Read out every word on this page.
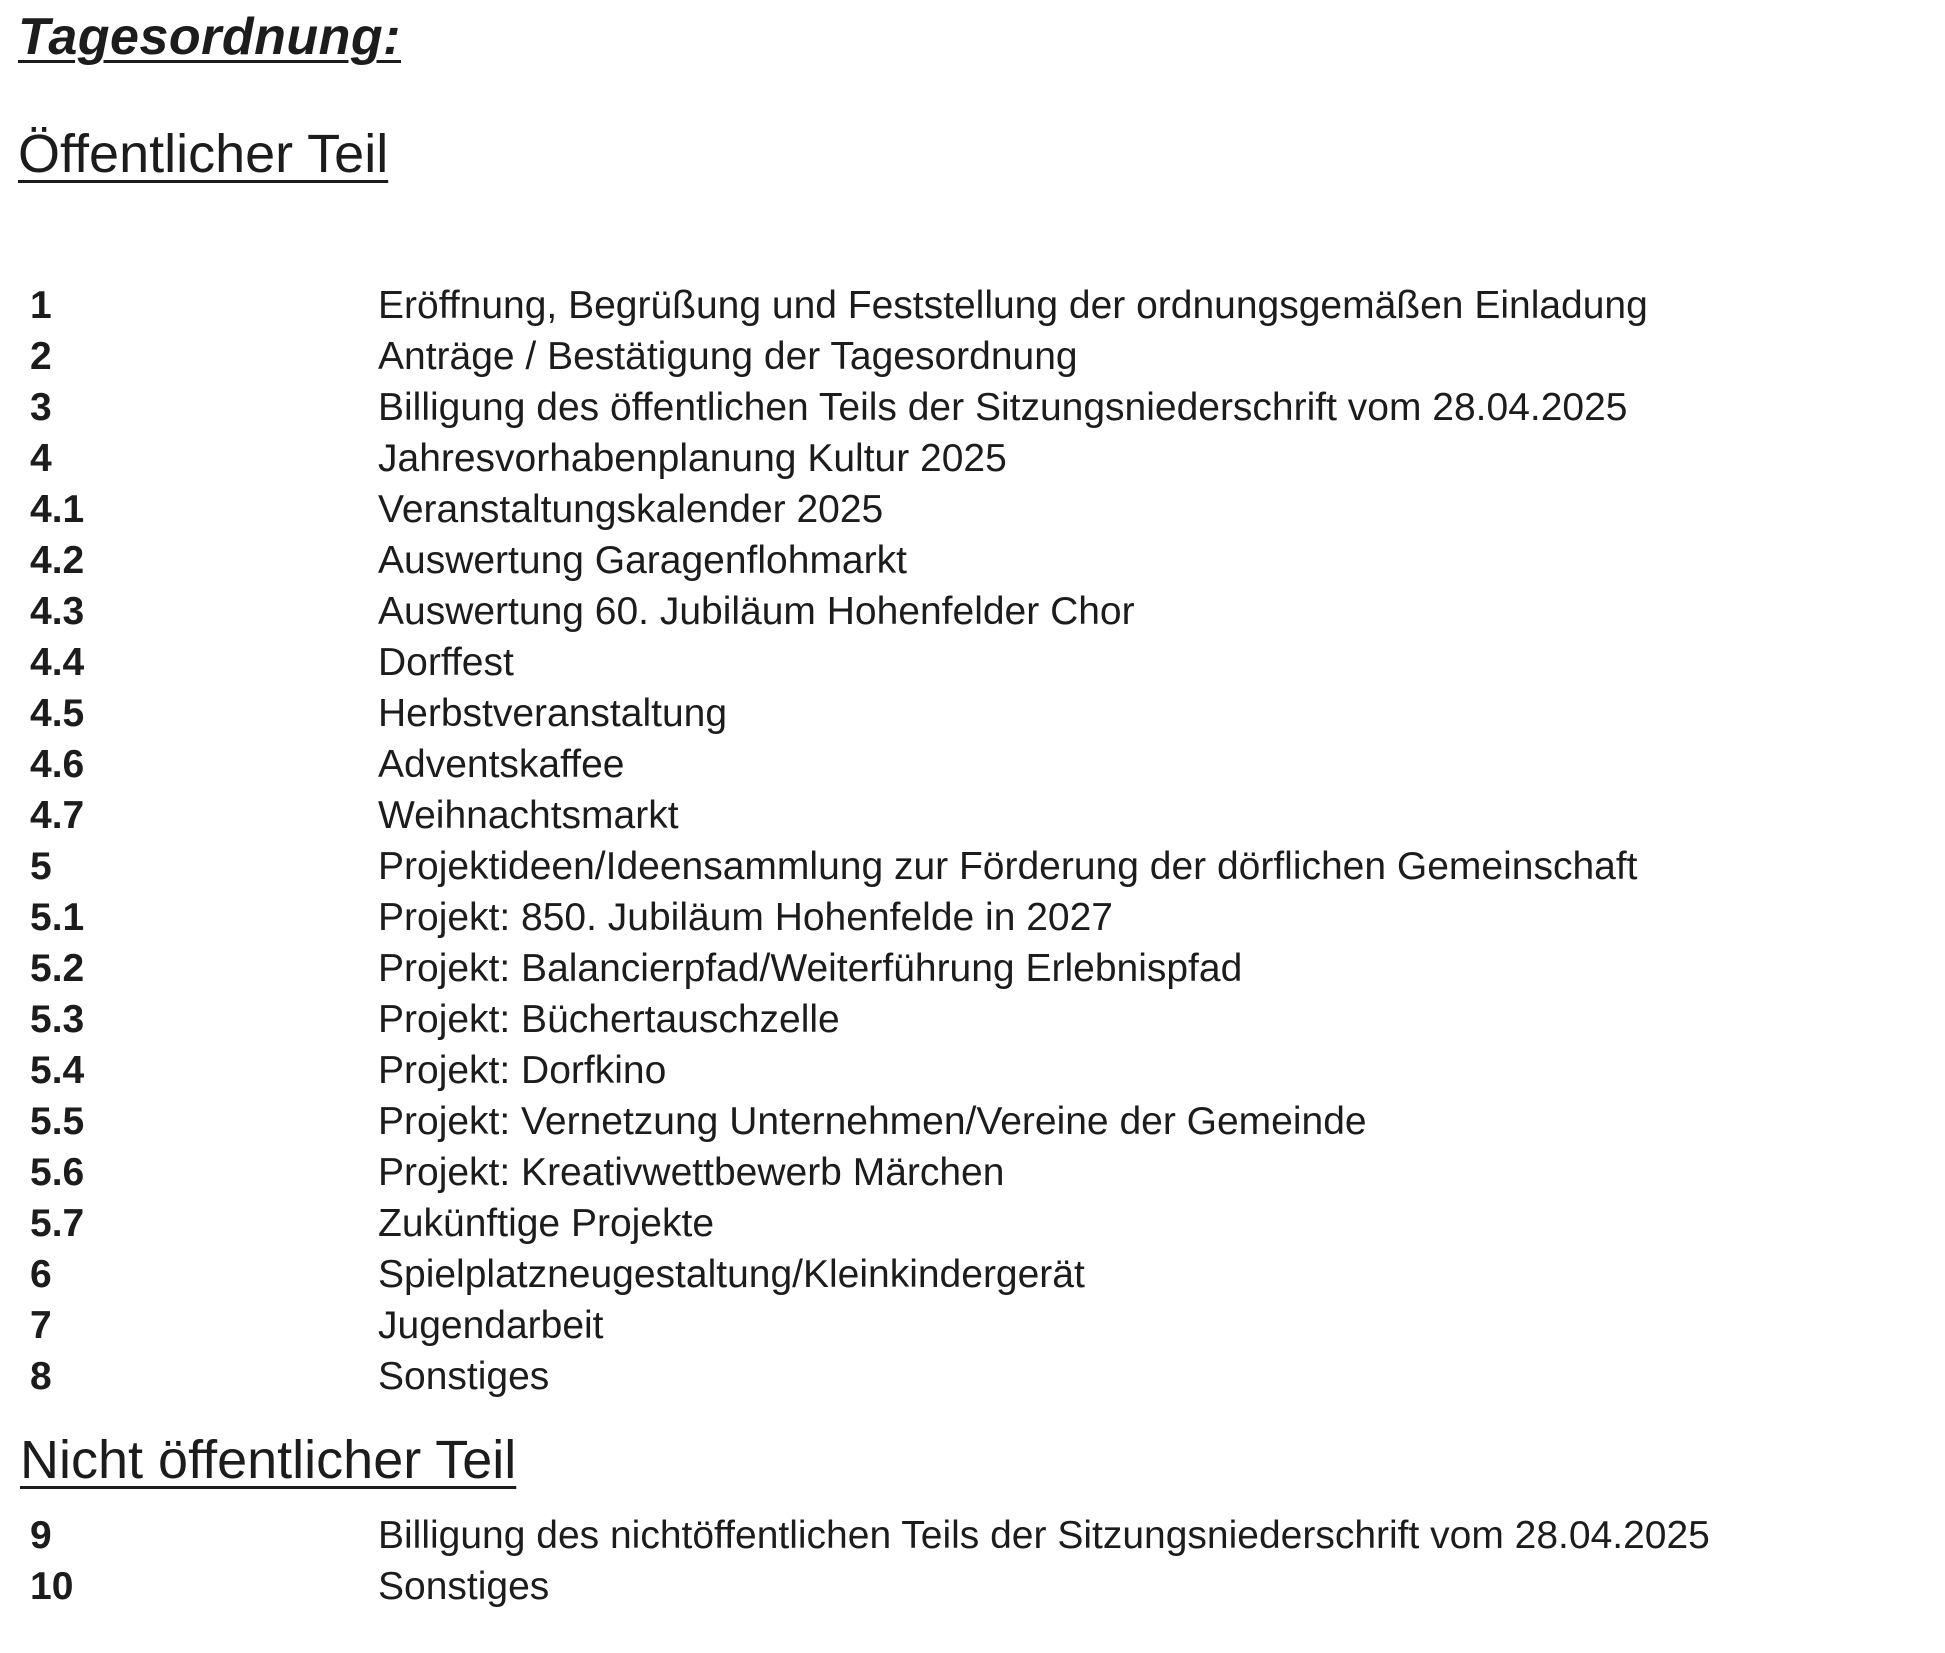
Tagesordnung:
Öffentlicher Teil
1	Eröffnung, Begrüßung und Feststellung der ordnungsgemäßen Einladung
2	Anträge / Bestätigung der Tagesordnung
3	Billigung des öffentlichen Teils der Sitzungsniederschrift vom 28.04.2025
4	Jahresvorhabenplanung Kultur 2025
4.1	Veranstaltungskalender 2025
4.2	Auswertung Garagenflohmarkt
4.3	Auswertung 60. Jubiläum Hohenfelder Chor
4.4	Dorffest
4.5	Herbstveranstaltung
4.6	Adventskaffee
4.7	Weihnachtsmarkt
5	Projektideen/Ideensammlung zur Förderung der dörflichen Gemeinschaft
5.1	Projekt: 850. Jubiläum Hohenfelde in 2027
5.2	Projekt: Balancierpfad/Weiterführung Erlebnispfad
5.3	Projekt: Büchertauschzelle
5.4	Projekt: Dorfkino
5.5	Projekt: Vernetzung Unternehmen/Vereine der Gemeinde
5.6	Projekt: Kreativwettbewerb Märchen
5.7	Zukünftige Projekte
6	Spielplatzneugestaltung/Kleinkindergerät
7	Jugendarbeit
8	Sonstiges
Nicht öffentlicher Teil
9	Billigung des nichtöffentlichen Teils der Sitzungsniederschrift vom 28.04.2025
10	Sonstiges
